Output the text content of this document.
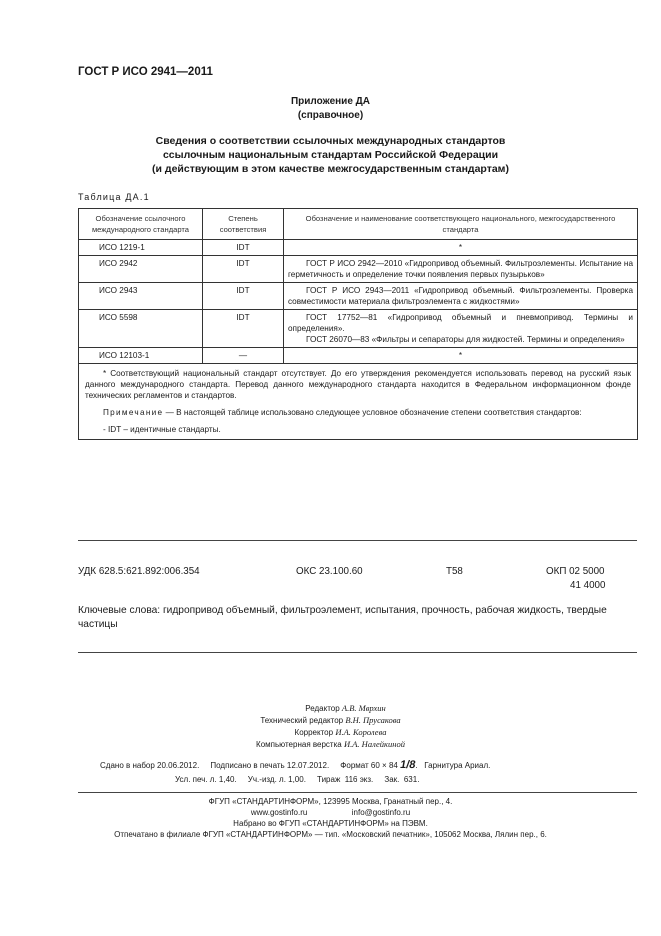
ГОСТ Р ИСО 2941—2011
Приложение ДА
(справочное)
Сведения о соответствии ссылочных международных стандартов
ссылочным национальным стандартам Российской Федерации
(и действующим в этом качестве межгосударственным стандартам)
Таблица ДА.1
Обозначение ссылочного международного стандарта	Степень соответствия	Обозначение и наименование соответствующего национального, межгосударственного стандарта
ИСО 1219-1	IDT	*
ИСО 2942	IDT	ГОСТ Р ИСО 2942—2010 «Гидропривод объемный. Фильтроэлементы. Испытание на герметичность и определение точки появления первых пузырьков»

ИСО 2943	IDT	ГОСТ Р ИСО 2943—2011 «Гидропривод объемный. Фильтроэлементы. Проверка совместимости материала фильтроэлемента с жидкостями»

ИСО 5598	IDT	ГОСТ 17752—81 «Гидропривод объемный и пневмопривод. Термины и определения».
ГОСТ 26070—83 «Фильтры и сепараторы для жидкостей. Термины и определения»

ИСО 12103-1	—	*

* Соответствующий национальный стандарт отсутствует. До его утверждения рекомендуется использовать перевод на русский язык данного международного стандарта. Перевод данного международного стандарта находится в Федеральном информационном фонде технических регламентов и стандартов.

Примечание — В настоящей таблице использовано следующее условное обозначение степени соответствия стандартов:

- IDT – идентичные стандарты.		

УДК 628.5:621.892:006.354	ОКС 23.100.60	Т58	ОКП 02 5000
41 4000
Ключевые слова: гидропривод объемный, фильтроэлемент, испытания, прочность, рабочая жидкость, твердые частицы
Редактор А.В. Мврхин
Технический редактор В.Н. Прусакова
Корректор И.А. Королева
Компьютерная верстка И.А. Налейкиной
Сдано в набор 20.06.2012.     Подписано в печать 12.07.2012.     Формат 60 × 84 1/8.   Гарнитура Ариал.
Усл. печ. л. 1,40.     Уч.-изд. л. 1,00.     Тираж  116 экз.     Зак.  631.
ФГУП «СТАНДАРТИНФОРМ», 123995 Москва, Гранатный пер., 4.
www.gostinfo.ru                    info@gostinfo.ru
Набрано во ФГУП «СТАНДАРТИНФОРМ» на ПЭВМ.
Отпечатано в филиале ФГУП «СТАНДАРТИНФОРМ» — тип. «Московский печатник», 105062 Москва, Лялин пер., 6.
